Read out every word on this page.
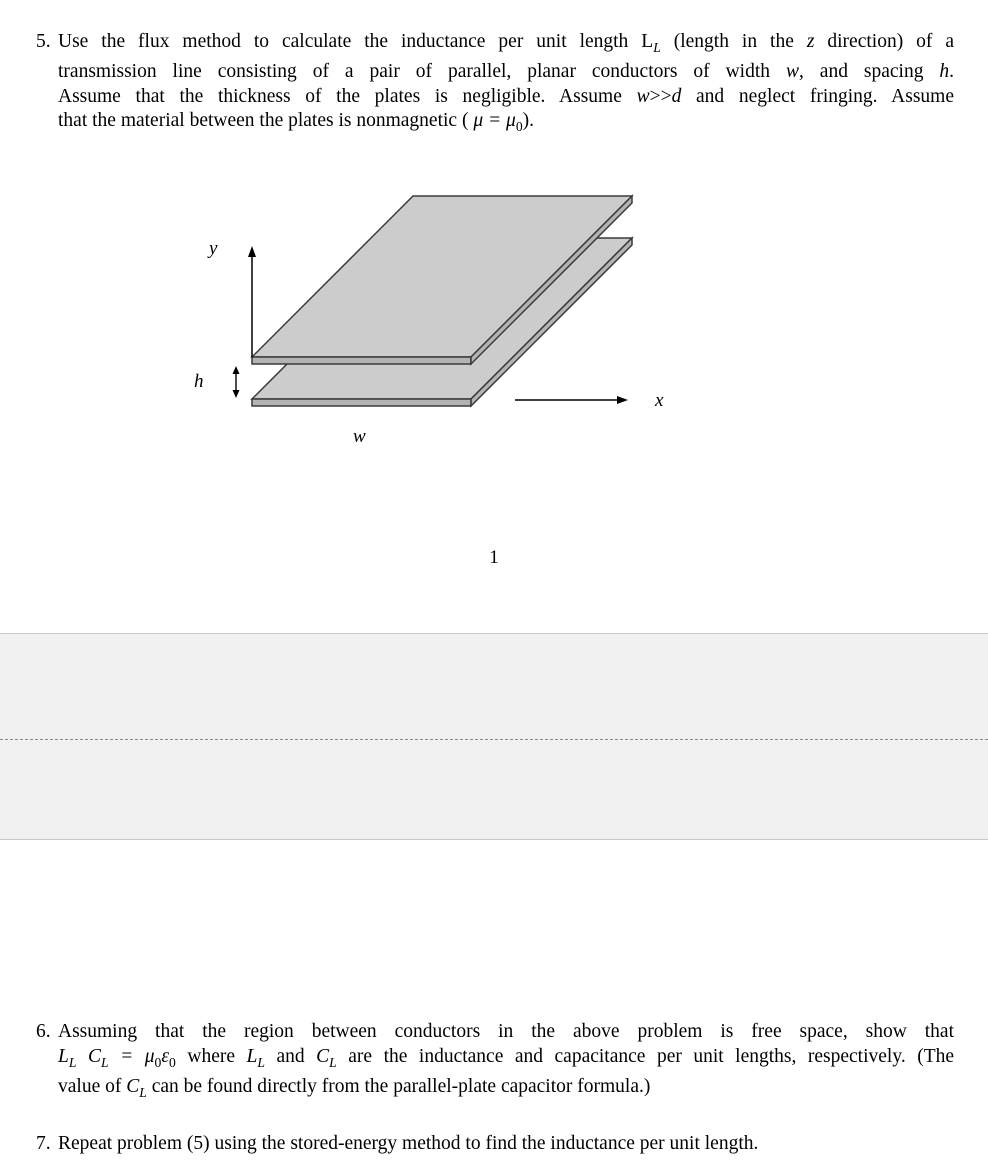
5. Use the flux method to calculate the inductance per unit length $L_L$ (length in the z direction) of a
transmission line consisting of a pair of parallel, planar conductors of width w, and spacing h.
Assume that the thickness of the plates is negligible. Assume w>>d and neglect fringing. Assume
that the material between the plates is nonmagnetic ( $\mu = \mu_0$).
y
h
w
x
1
6. Assuming that the region between conductors in the above problem is free space, show that
$L_L$ $C_L = \mu_0\varepsilon_0$ where $L_L$ and $C_L$ are the inductance and capacitance per unit lengths, respectively. (The
value of $C_L$ can be found directly from the parallel-plate capacitor formula.)
7. Repeat problem (5) using the stored-energy method to find the inductance per unit length.
